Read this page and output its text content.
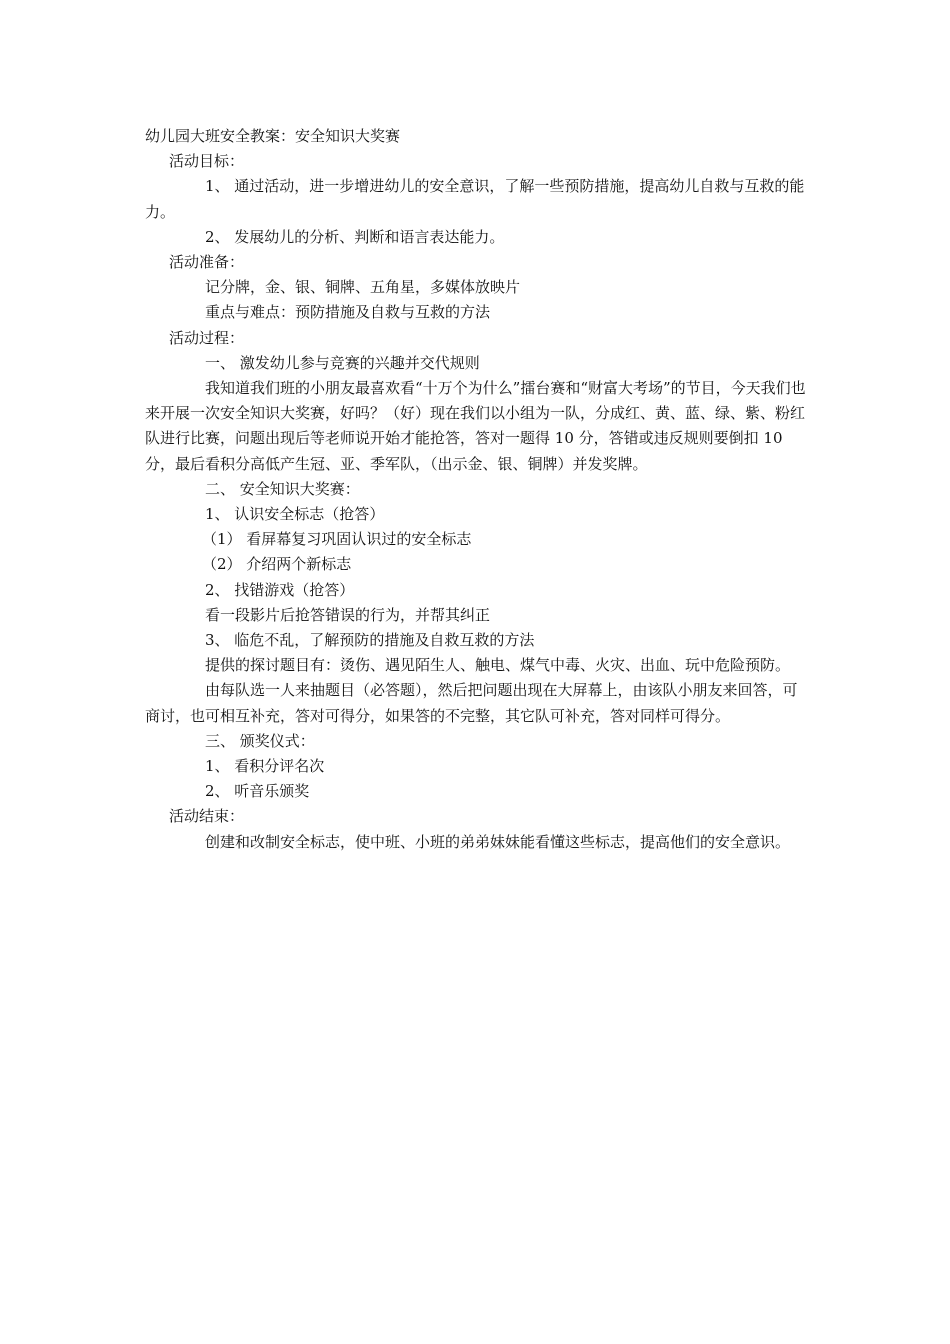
幼儿园大班安全教案：安全知识大奖赛

活动目标：

1、 通过活动，进一步增进幼儿的安全意识，了解一些预防措施，提高幼儿自救与互救的能力。

2、 发展幼儿的分析、判断和语言表达能力。

活动准备：

记分牌，金、银、铜牌、五角星，多媒体放映片

重点与难点：预防措施及自救与互救的方法

活动过程：

一、 激发幼儿参与竞赛的兴趣并交代规则

我知道我们班的小朋友最喜欢看“十万个为什么”擂台赛和“财富大考场”的节目，今天我们也来开展一次安全知识大奖赛，好吗？（好）现在我们以小组为一队，分成红、黄、蓝、绿、紫、粉红队进行比赛，问题出现后等老师说开始才能抢答，答对一题得 10 分，答错或违反规则要倒扣 10 分，最后看积分高低产生冠、亚、季军队，（出示金、银、铜牌）并发奖牌。

二、 安全知识大奖赛：

1、 认识安全标志（抢答）

（1） 看屏幕复习巩固认识过的安全标志

（2） 介绍两个新标志

2、 找错游戏（抢答）

看一段影片后抢答错误的行为，并帮其纠正

3、 临危不乱，了解预防的措施及自救互救的方法

提供的探讨题目有：烫伤、遇见陌生人、触电、煤气中毒、火灾、出血、玩中危险预防。

由每队选一人来抽题目（必答题），然后把问题出现在大屏幕上，由该队小朋友来回答，可商讨，也可相互补充，答对可得分，如果答的不完整，其它队可补充，答对同样可得分。

三、 颁奖仪式：

1、 看积分评名次

2、 听音乐颁奖

活动结束：

创建和改制安全标志，使中班、小班的弟弟妹妹能看懂这些标志，提高他们的安全意识。
